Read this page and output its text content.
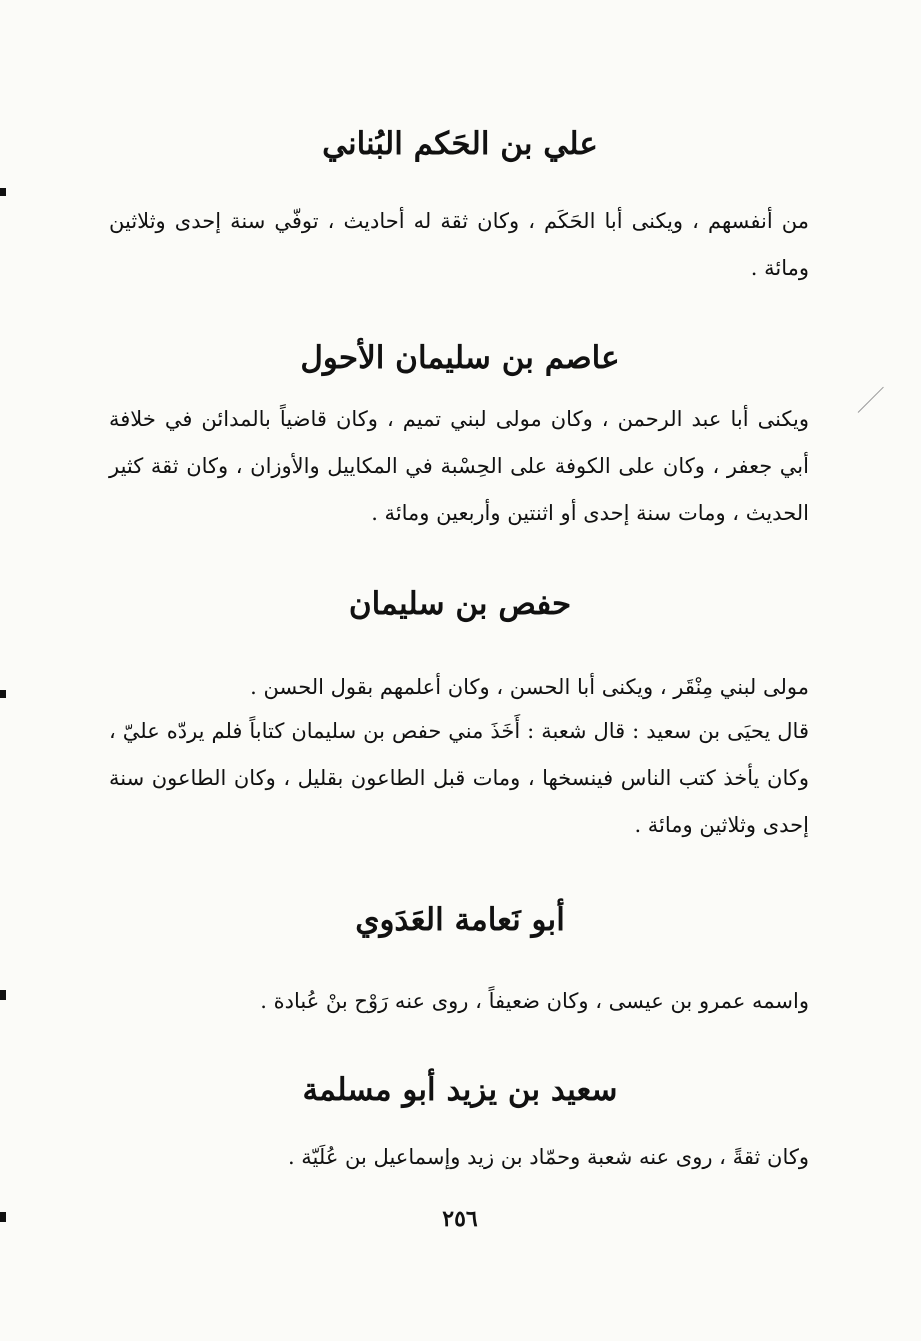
علي بن الحَكم البُناني
من أنفسهم ، ويكنى أبا الحَكَم ، وكان ثقة له أحاديث ، توفّي سنة إحدى وثلاثين ومائة .
عاصم بن سليمان الأحول
ويكنى أبا عبد الرحمن ، وكان مولى لبني تميم ، وكان قاضياً بالمدائن في خلافة أبي جعفر ، وكان على الكوفة على الحِسْبة في المكاييل والأوزان ، وكان ثقة كثير الحديث ، ومات سنة إحدى أو اثنتين وأربعين ومائة .
حفص بن سليمان
مولى لبني مِنْقَر ، ويكنى أبا الحسن ، وكان أعلمهم بقول الحسن .
قال يحيَى بن سعيد : قال شعبة : أَخَذَ مني حفص بن سليمان كتاباً فلم يردّه عليّ ، وكان يأخذ كتب الناس فينسخها ، ومات قبل الطاعون بقليل ، وكان الطاعون سنة إحدى وثلاثين ومائة .
أبو نَعامة العَدَوي
واسمه عمرو بن عيسى ، وكان ضعيفاً ، روى عنه رَوْح بنْ عُبادة .
سعيد بن يزيد أبو مسلمة
وكان ثقةً ، روى عنه شعبة وحمّاد بن زيد وإسماعيل بن عُلَيّة .
٢٥٦
